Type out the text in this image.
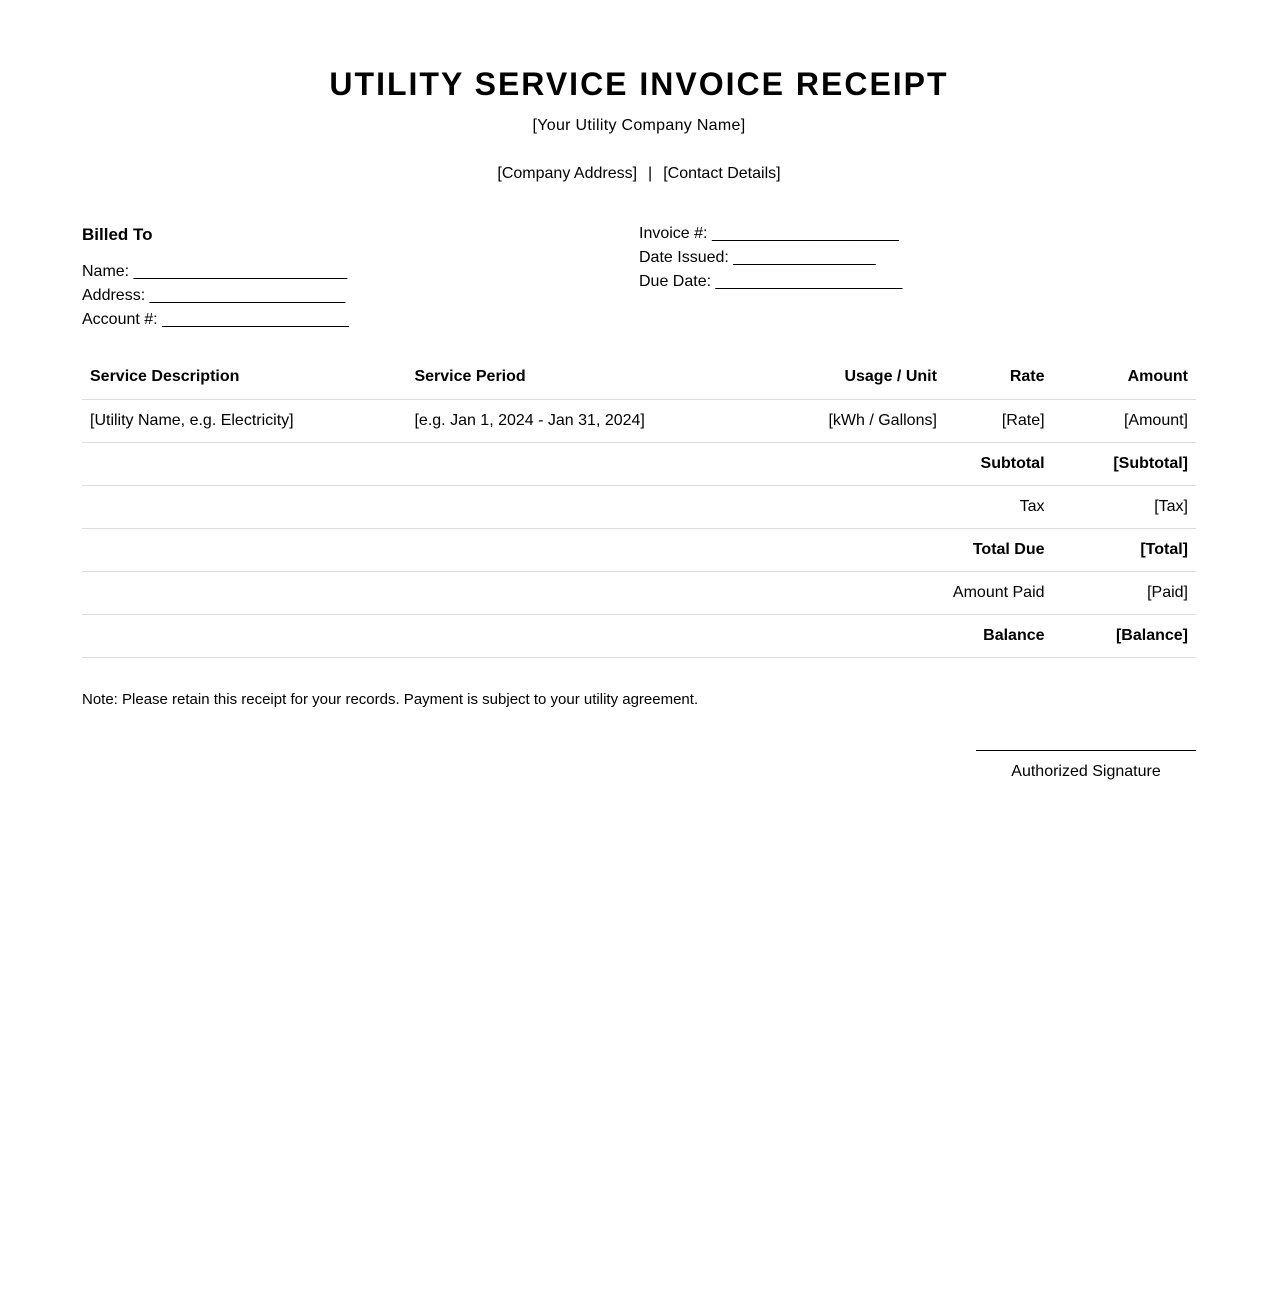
UTILITY SERVICE INVOICE RECEIPT
[Your Utility Company Name]
[Company Address] | [Contact Details]
Billed To
Name: ________________________
Address: ______________________
Account #: _____________________
Invoice #: _____________________
Date Issued: ________________
Due Date: _____________________
Service Description	Service Period	Usage / Unit	Rate	Amount
[Utility Name, e.g. Electricity]	[e.g. Jan 1, 2024 - Jan 31, 2024]	[kWh / Gallons]	[Rate]	[Amount]
			Subtotal	[Subtotal]
			Tax	[Tax]
			Total Due	[Total]
			Amount Paid	[Paid]
			Balance	[Balance]

Note: Please retain this receipt for your records. Payment is subject to your utility agreement.

Authorized Signature
